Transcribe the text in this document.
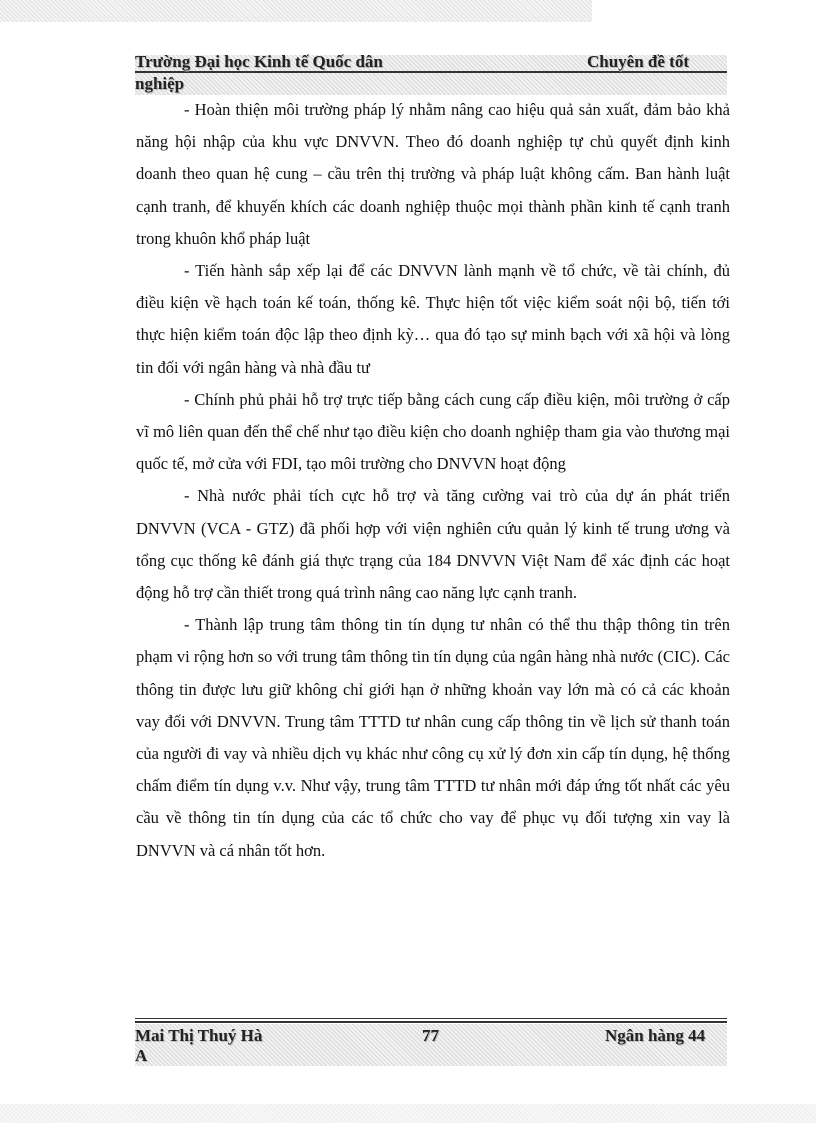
Trường Đại học Kinh tế Quốc dân	Chuyên đề tốt
nghiệp

- Hoàn thiện môi trường pháp lý nhằm nâng cao hiệu quả sản xuất, đảm bảo khả năng hội nhập của khu vực DNVVN. Theo đó doanh nghiệp tự chủ quyết định kinh doanh theo quan hệ cung – cầu trên thị trường và pháp luật không cấm. Ban hành luật cạnh tranh, để khuyến khích các doanh nghiệp thuộc mọi thành phần kinh tế cạnh tranh trong khuôn khổ pháp luật

- Tiến hành sắp xếp lại để các DNVVN lành mạnh về tổ chức, về tài chính, đủ điều kiện về hạch toán kế toán, thống kê. Thực hiện tốt việc kiểm soát nội bộ, tiến tới thực hiện kiểm toán độc lập theo định kỳ… qua đó tạo sự minh bạch với xã hội và lòng tin đối với ngân hàng và nhà đầu tư

- Chính phủ phải hỗ trợ trực tiếp bằng cách cung cấp điều kiện, môi trường ở cấp vĩ mô liên quan đến thể chế như tạo điều kiện cho doanh nghiệp tham gia vào thương mại quốc tế, mở cửa với FDI, tạo môi trường cho DNVVN hoạt động

- Nhà nước phải tích cực hỗ trợ và tăng cường vai trò của dự án phát triển DNVVN (VCA - GTZ) đã phối hợp với viện nghiên cứu quản lý kinh tế trung ương và tổng cục thống kê đánh giá thực trạng của 184 DNVVN Việt Nam để xác định các hoạt động hỗ trợ cần thiết trong quá trình nâng cao năng lực cạnh tranh.

- Thành lập trung tâm thông tin tín dụng tư nhân có thể thu thập thông tin trên phạm vi rộng hơn so với trung tâm thông tin tín dụng của ngân hàng nhà nước (CIC). Các thông tin được lưu giữ không chỉ giới hạn ở những khoản vay lớn mà có cả các khoản vay đối với DNVVN. Trung tâm TTTD tư nhân cung cấp thông tin về lịch sử thanh toán của người đi vay và nhiều dịch vụ khác như công cụ xử lý đơn xin cấp tín dụng, hệ thống chấm điểm tín dụng v.v. Như vậy, trung tâm TTTD tư nhân mới đáp ứng tốt nhất các yêu cầu về thông tin tín dụng của các tổ chức cho vay để phục vụ đối tượng xin vay là DNVVN và cá nhân tốt hơn.

Mai Thị Thuý Hà	77	Ngân hàng 44
A
